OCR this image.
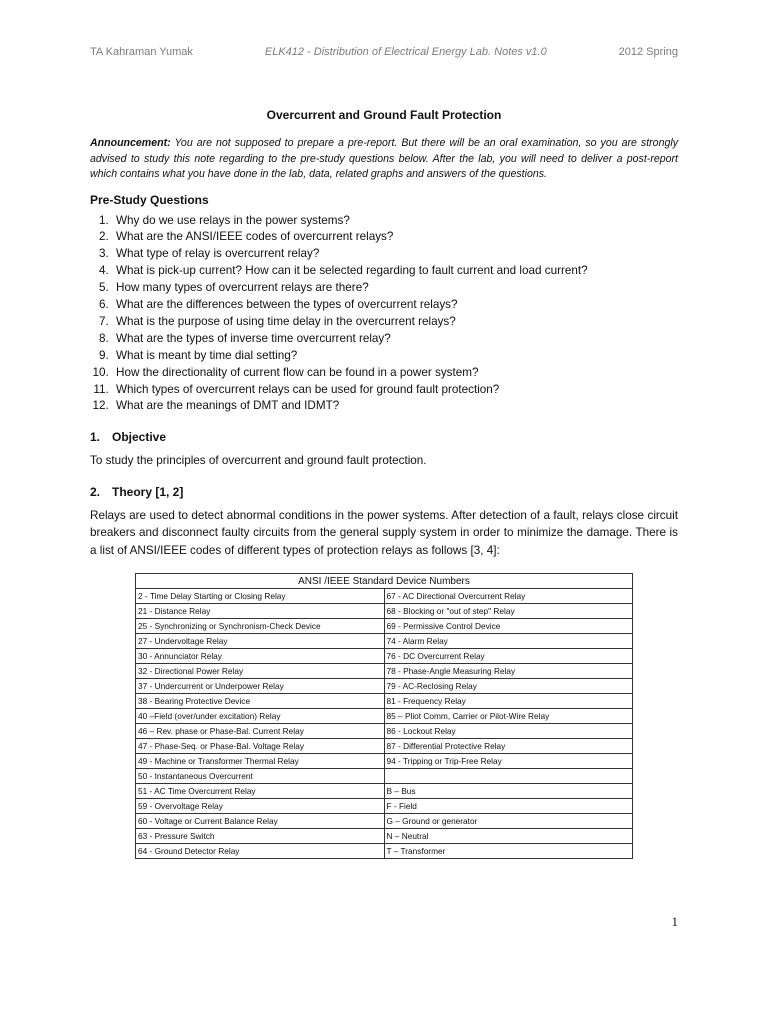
TA Kahraman Yumak	ELK412 - Distribution of Electrical Energy Lab. Notes v1.0	2012 Spring
Overcurrent and Ground Fault Protection

Announcement: You are not supposed to prepare a pre-report. But there will be an oral examination, so you are strongly advised to study this note regarding to the pre-study questions below. After the lab, you will need to deliver a post-report which contains what you have done in the lab, data, related graphs and answers of the questions.

Pre-Study Questions
1. Why do we use relays in the power systems?
2. What are the ANSI/IEEE codes of overcurrent relays?
3. What type of relay is overcurrent relay?
4. What is pick-up current? How can it be selected regarding to fault current and load current?
5. How many types of overcurrent relays are there?
6. What are the differences between the types of overcurrent relays?
7. What is the purpose of using time delay in the overcurrent relays?
8. What are the types of inverse time overcurrent relay?
9. What is meant by time dial setting?
10. How the directionality of current flow can be found in a power system?
11. Which types of overcurrent relays can be used for ground fault protection?
12. What are the meanings of DMT and IDMT?
1. Objective

To study the principles of overcurrent and ground fault protection.

2. Theory [1, 2]

Relays are used to detect abnormal conditions in the power systems. After detection of a fault, relays close circuit breakers and disconnect faulty circuits from the general supply system in order to minimize the damage. There is a list of ANSI/IEEE codes of different types of protection relays as follows [3, 4]:

ANSI /IEEE Standard Device Numbers	
2 - Time Delay Starting or Closing Relay	67 - AC Directional Overcurrent Relay
21 - Distance Relay	68 - Blocking or "out of step" Relay
25 - Synchronizing or Synchronism-Check Device	69 - Permissive Control Device
27 - Undervoltage Relay	74 - Alarm Relay
30 - Annunciator Relay	76 - DC Overcurrent Relay
32 - Directional Power Relay	78 - Phase-Angle Measuring Relay
37 - Undercurrent or Underpower Relay	79 - AC-Reclosing Relay
38 - Bearing Protective Device	81 - Frequency Relay
40 –Field (over/under excitation) Relay	85 – Pliot Comm, Carrier or Pilot-Wire Relay
46 – Rev. phase or Phase-Bal. Current Relay	86 - Lockout Relay
47 - Phase-Seq. or Phase-Bal. Voltage Relay	87 - Differential Protective Relay
49 - Machine or Transformer Thermal Relay	94 - Tripping or Trip-Free Relay
50 - Instantaneous Overcurrent	
51 - AC Time Overcurrent Relay	B – Bus
59 - Overvoltage Relay	F - Field
60 - Voltage or Current Balance Relay	G – Ground or generator
63 - Pressure Switch	N – Neutral
64 - Ground Detector Relay	T – Transformer
1
